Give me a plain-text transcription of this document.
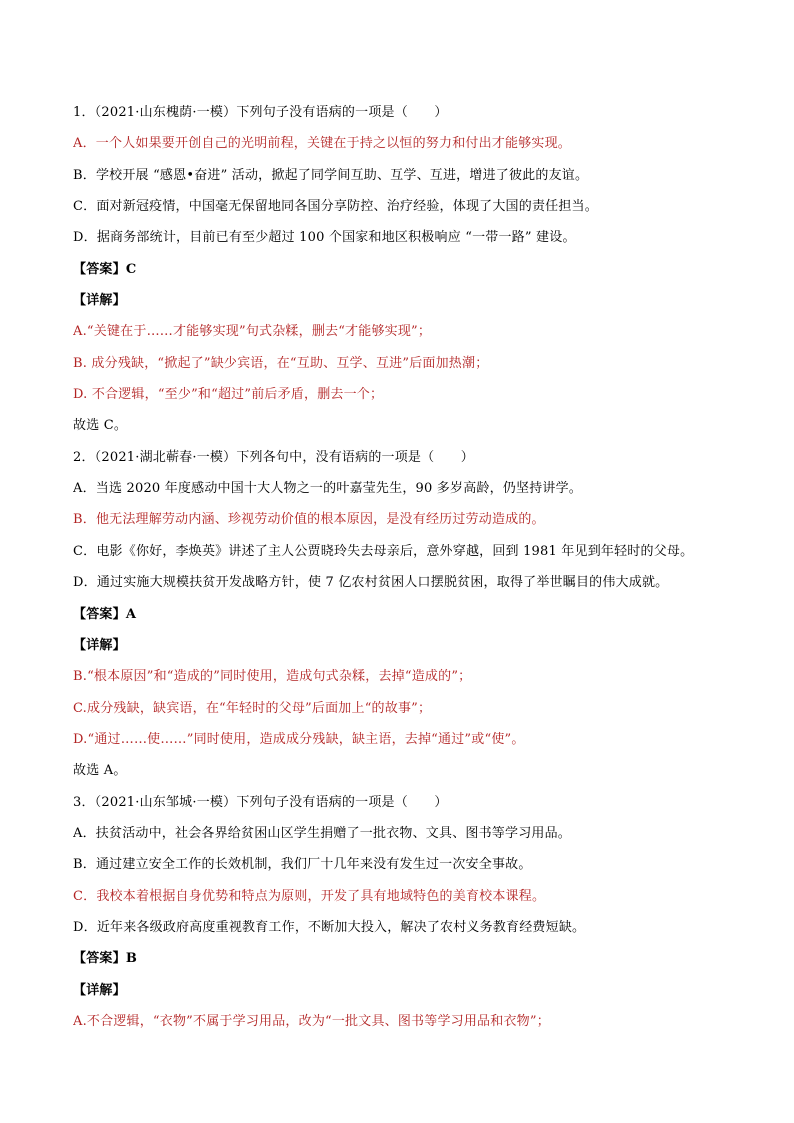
1．（2021·山东槐荫·一模）下列句子没有语病的一项是（　　）
A．一个人如果要开创自己的光明前程，关键在于持之以恒的努力和付出才能够实现。
B．学校开展 “感恩•奋进” 活动，掀起了同学间互助、互学、互进，增进了彼此的友谊。
C．面对新冠疫情，中国毫无保留地同各国分享防控、治疗经验，体现了大国的责任担当。
D．据商务部统计，目前已有至少超过 100 个国家和地区积极响应 “一带一路” 建设。
【答案】C
【详解】
A.“关键在于……才能够实现”句式杂糅，删去“才能够实现”；
B. 成分残缺，“掀起了”缺少宾语，在“互助、互学、互进”后面加热潮；
D. 不合逻辑，“至少”和“超过”前后矛盾，删去一个；
故选 C。
2．（2021·湖北蕲春·一模）下列各句中，没有语病的一项是（　　）
A．当选 2020 年度感动中国十大人物之一的叶嘉莹先生，90 多岁高龄，仍坚持讲学。
B．他无法理解劳动内涵、珍视劳动价值的根本原因，是没有经历过劳动造成的。
C．电影《你好，李焕英》讲述了主人公贾晓玲失去母亲后，意外穿越，回到 1981 年见到年轻时的父母。
D．通过实施大规模扶贫开发战略方针，使 7 亿农村贫困人口摆脱贫困，取得了举世瞩目的伟大成就。
【答案】A
【详解】
B.“根本原因”和“造成的”同时使用，造成句式杂糅，去掉“造成的”；
C.成分残缺，缺宾语，在“年轻时的父母”后面加上“的故事”；
D.“通过……使……”同时使用，造成成分残缺，缺主语，去掉“通过”或“使”。
故选 A。
3．（2021·山东邹城·一模）下列句子没有语病的一项是（　　）
A．扶贫活动中，社会各界给贫困山区学生捐赠了一批衣物、文具、图书等学习用品。
B．通过建立安全工作的长效机制，我们厂十几年来没有发生过一次安全事故。
C．我校本着根据自身优势和特点为原则，开发了具有地域特色的美育校本课程。
D．近年来各级政府高度重视教育工作，不断加大投入，解决了农村义务教育经费短缺。
【答案】B
【详解】
A.不合逻辑，“衣物”不属于学习用品，改为“一批文具、图书等学习用品和衣物”；
